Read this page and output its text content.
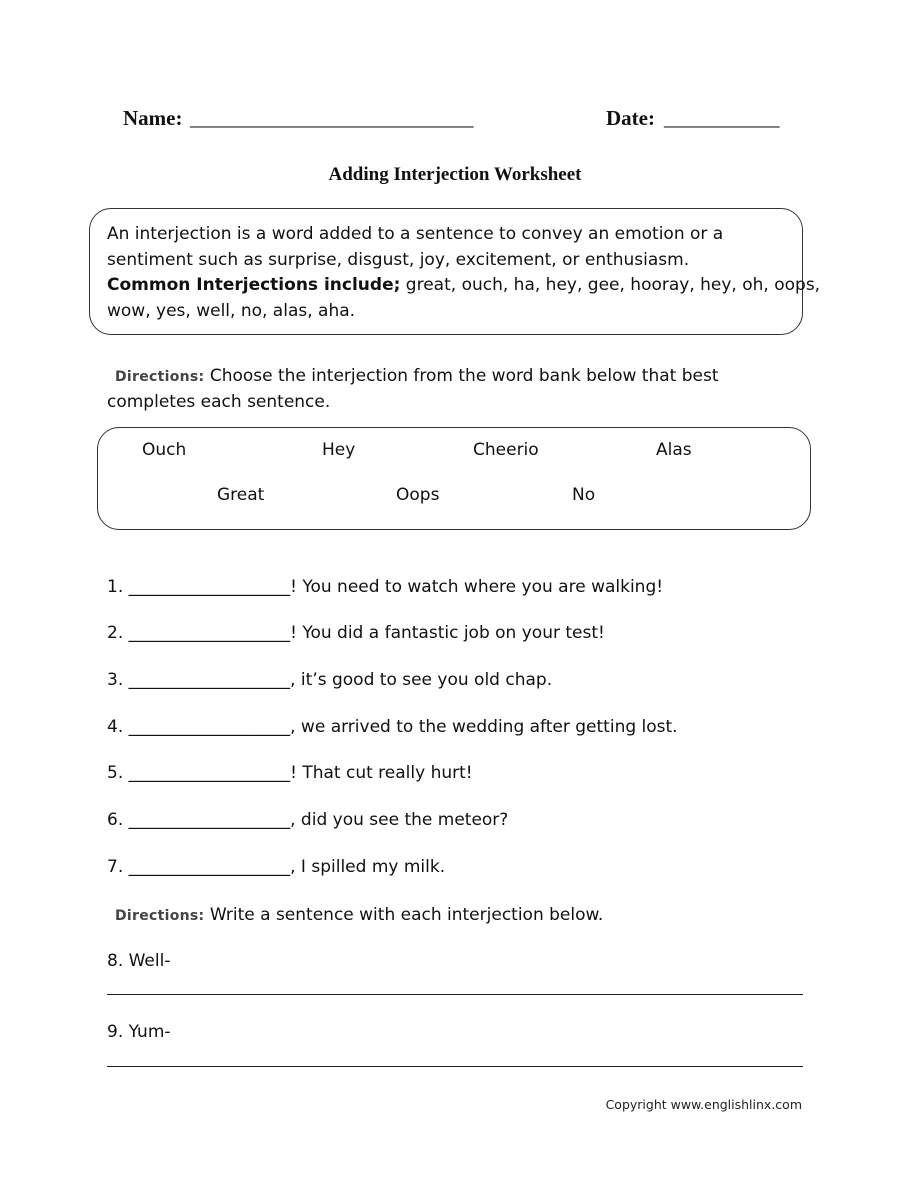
Name: ___________________________	Date: ___________
Adding Interjection Worksheet
An interjection is a word added to a sentence to convey an emotion or a
sentiment such as surprise, disgust, joy, excitement, or enthusiasm.
Common Interjections include; great, ouch, ha, hey, gee, hooray, hey, oh, oops,
wow, yes, well, no, alas, aha.
Directions: Choose the interjection from the word bank below that best
completes each sentence.
Ouch	Hey	Cheerio	Alas
Great	Oops	No
1. ___________________! You need to watch where you are walking!
2. ___________________! You did a fantastic job on your test!
3. ___________________, it’s good to see you old chap.
4. ___________________, we arrived to the wedding after getting lost.
5. ___________________! That cut really hurt!
6. ___________________, did you see the meteor?
7. ___________________, I spilled my milk.
Directions: Write a sentence with each interjection below.
8. Well-
9. Yum-
Copyright www.englishlinx.com
